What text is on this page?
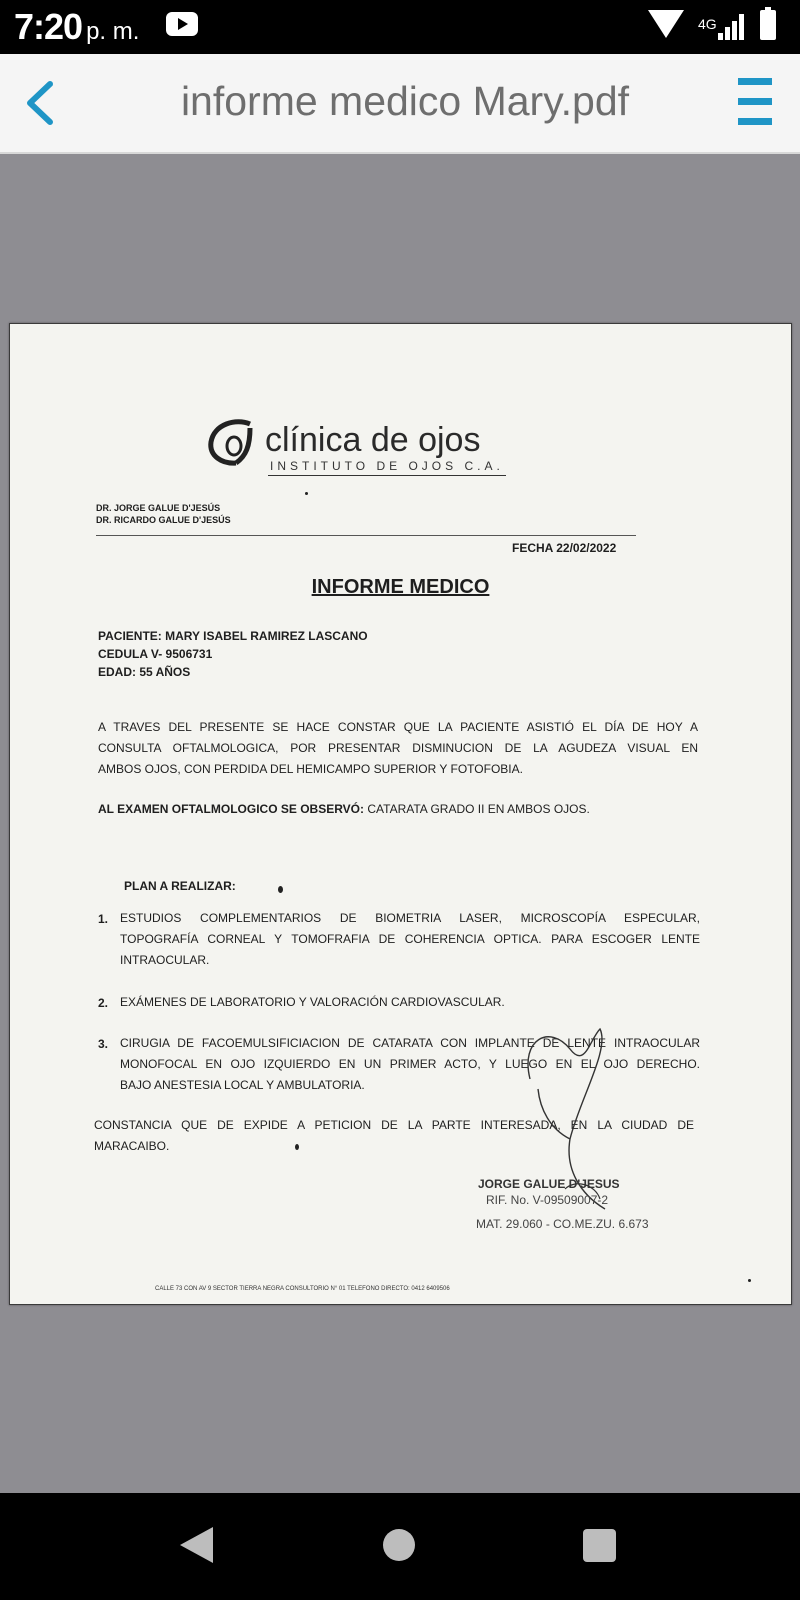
7:20 p. m.	4G
informe medico Mary.pdf
clínica de ojos
INSTITUTO DE OJOS C.A.
DR. JORGE GALUE D'JESÚS
DR. RICARDO GALUE D'JESÚS
FECHA 22/02/2022
INFORME MEDICO
PACIENTE: MARY ISABEL RAMIREZ LASCANO
CEDULA V- 9506731
EDAD: 55 AÑOS
A TRAVES DEL PRESENTE SE HACE CONSTAR QUE LA PACIENTE ASISTIÓ EL DÍA DE HOY A
CONSULTA OFTALMOLOGICA, POR PRESENTAR DISMINUCION DE LA AGUDEZA VISUAL EN
AMBOS OJOS, CON PERDIDA DEL HEMICAMPO SUPERIOR Y FOTOFOBIA.
AL EXAMEN OFTALMOLOGICO SE OBSERVÓ: CATARATA GRADO II EN AMBOS OJOS.
PLAN A REALIZAR:
1. ESTUDIOS COMPLEMENTARIOS DE BIOMETRIA LASER, MICROSCOPÍA ESPECULAR,
TOPOGRAFÍA CORNEAL Y TOMOFRAFIA DE COHERENCIA OPTICA. PARA ESCOGER LENTE
INTRAOCULAR.
2. EXÁMENES DE LABORATORIO Y VALORACIÓN CARDIOVASCULAR.
3. CIRUGIA DE FACOEMULSIFICIACION DE CATARATA CON IMPLANTE DE LENTE INTRAOCULAR
MONOFOCAL EN OJO IZQUIERDO EN UN PRIMER ACTO, Y LUEGO EN EL OJO DERECHO.
BAJO ANESTESIA LOCAL Y AMBULATORIA.
CONSTANCIA QUE DE EXPIDE A PETICION DE LA PARTE INTERESADA, EN LA CIUDAD DE
MARACAIBO.
JORGE GALUE D'JESUS
RIF. No. V-09509007-2
MAT. 29.060 - CO.ME.ZU. 6.673
CALLE 73 CON AV 9 SECTOR TIERRA NEGRA CONSULTORIO N° 01 TELEFONO DIRECTO: 0412 6409506
